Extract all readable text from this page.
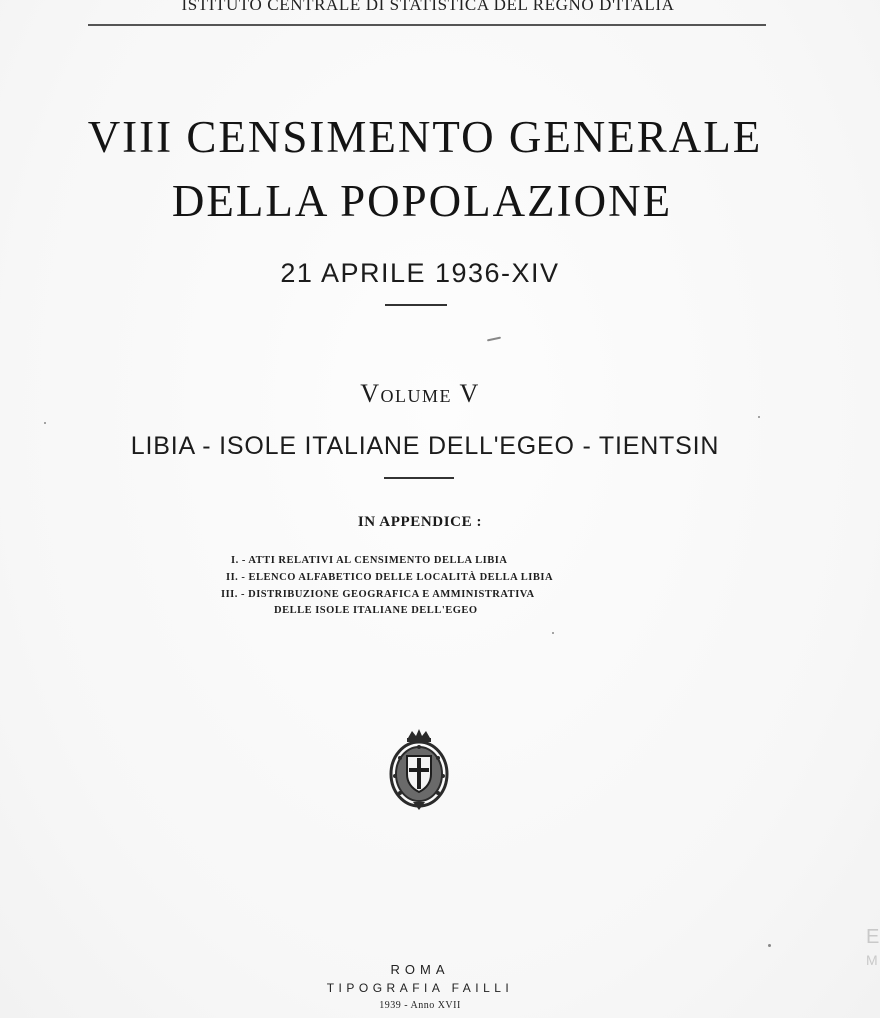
ISTITUTO CENTRALE DI STATISTICA DEL REGNO D'ITALIA
VIII CENSIMENTO GENERALE
DELLA POPOLAZIONE
21 APRILE 1936-XIV
Volume V
LIBIA - ISOLE ITALIANE DELL'EGEO - TIENTSIN
IN APPENDICE :
I. - ATTI RELATIVI AL CENSIMENTO DELLA LIBIA
II. - ELENCO ALFABETICO DELLE LOCALITÀ DELLA LIBIA
III. - DISTRIBUZIONE GEOGRAFICA E AMMINISTRATIVA
DELLE ISOLE ITALIANE DELL'EGEO
ROMA
TIPOGRAFIA FAILLI
1939 - Anno XVII
E
M
